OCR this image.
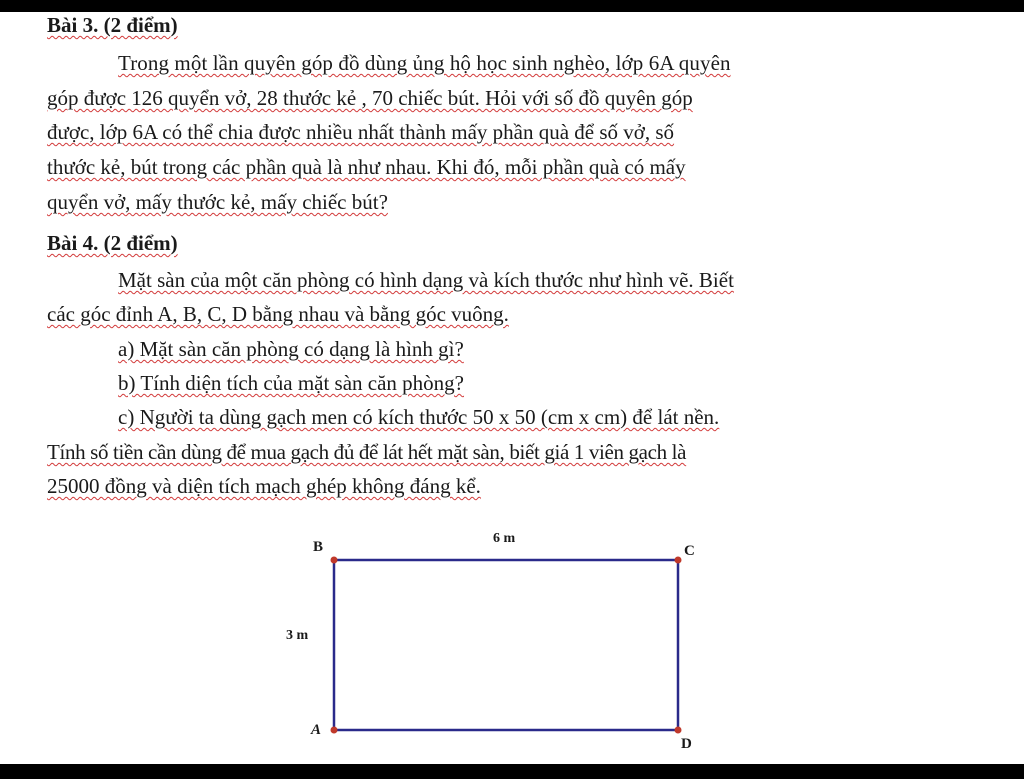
Bài 3. (2 điểm)
Trong một lần quyên góp đồ dùng ủng hộ học sinh nghèo, lớp 6A quyên
góp được 126 quyển vở, 28 thước kẻ , 70 chiếc bút. Hỏi với số đồ quyên góp
được, lớp 6A có thể chia được nhiều nhất thành mấy phần quà để số vở, số
thước kẻ, bút trong các phần quà là như nhau. Khi đó, mỗi phần quà có mấy
quyển vở, mấy thước kẻ, mấy chiếc bút?
Bài 4. (2 điểm)
Mặt sàn của một căn phòng có hình dạng và kích thước như hình vẽ. Biết
các góc đỉnh A, B, C, D bằng nhau và bằng góc vuông.
a) Mặt sàn căn phòng có dạng là hình gì?
b) Tính diện tích của mặt sàn căn phòng?
c) Người ta dùng gạch men có kích thước 50 x 50 (cm x cm) để lát nền.
Tính số tiền cần dùng để mua gạch đủ để lát hết mặt sàn, biết giá 1 viên gạch là
25000 đồng và diện tích mạch ghép không đáng kể.
B	C
A
D
6 m
3 m
